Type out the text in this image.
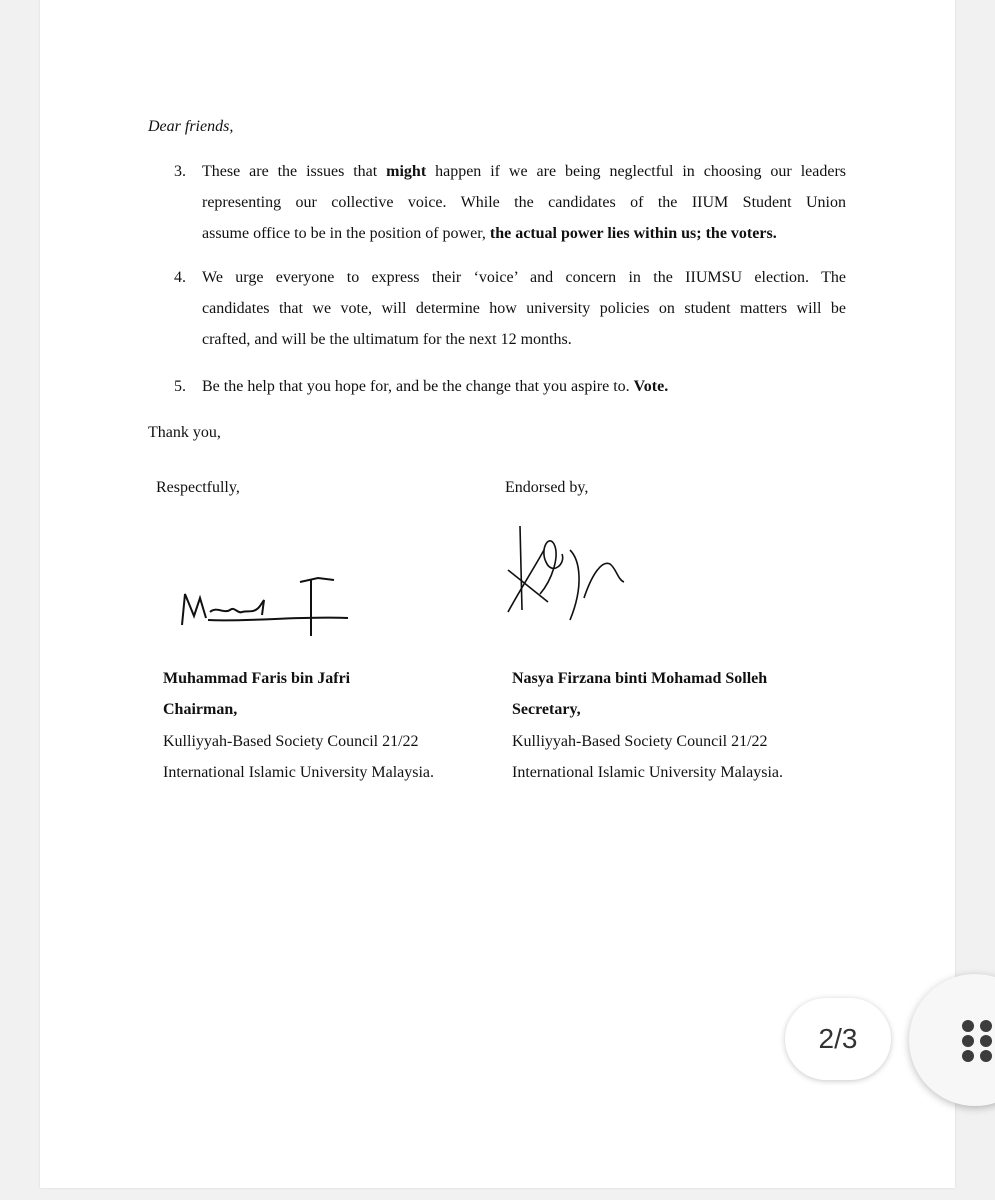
Dear friends,
3. These are the issues that might happen if we are being neglectful in choosing our leaders
representing our collective voice. While the candidates of the IIUM Student Union
assume office to be in the position of power, the actual power lies within us; the voters.
4. We urge everyone to express their ‘voice’ and concern in the IIUMSU election. The
candidates that we vote, will determine how university policies on student matters will be
crafted, and will be the ultimatum for the next 12 months.
5. Be the help that you hope for, and be the change that you aspire to. Vote.
Thank you,
Respectfully,	Endorsed by,
Muhammad Faris bin Jafri
Chairman,
Kulliyyah-Based Society Council 21/22
International Islamic University Malaysia.
Nasya Firzana binti Mohamad Solleh
Secretary,
Kulliyyah-Based Society Council 21/22
International Islamic University Malaysia.
2/3
